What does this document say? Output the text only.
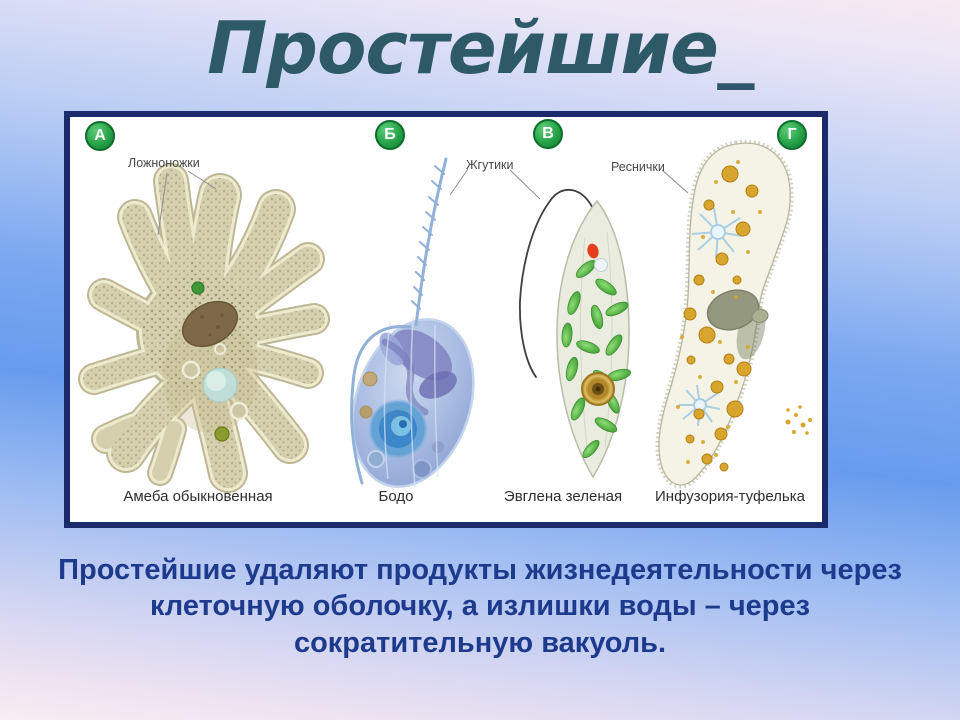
Простейшие_
А	Б	В	Г
Ложноножки	Жгутики	Реснички
Амеба обыкновенная	Бодо	Эвглена зеленая Инфузория-туфелька
Простейшие удаляют продукты жизнедеятельности через клеточную оболочку, а излишки воды – через сократительную вакуоль.
